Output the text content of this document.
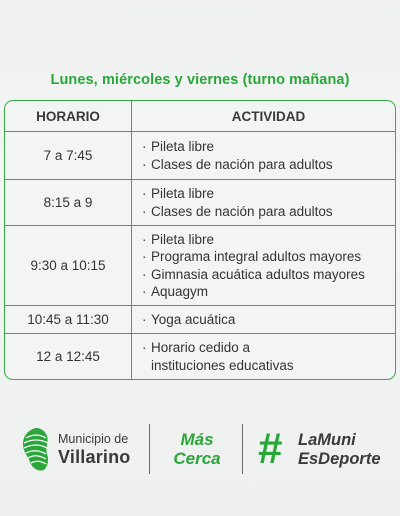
Lunes, miércoles y viernes (turno mañana)
HORARIO	ACTIVIDAD
7 a 7:45
· Pileta libre
· Clases de nación para adultos
8:15 a 9
· Pileta libre
· Clases de nación para adultos
9:30 a 10:15
· Pileta libre
· Programa integral adultos mayores
· Gimnasia acuática adultos mayores
· Aquagym
10:45 a 11:30	· Yoga acuática
12 a 12:45
· Horario cedido a
instituciones educativas
Municipio de
Villarino
Más
Cerca # LaMuni
EsDeporte
